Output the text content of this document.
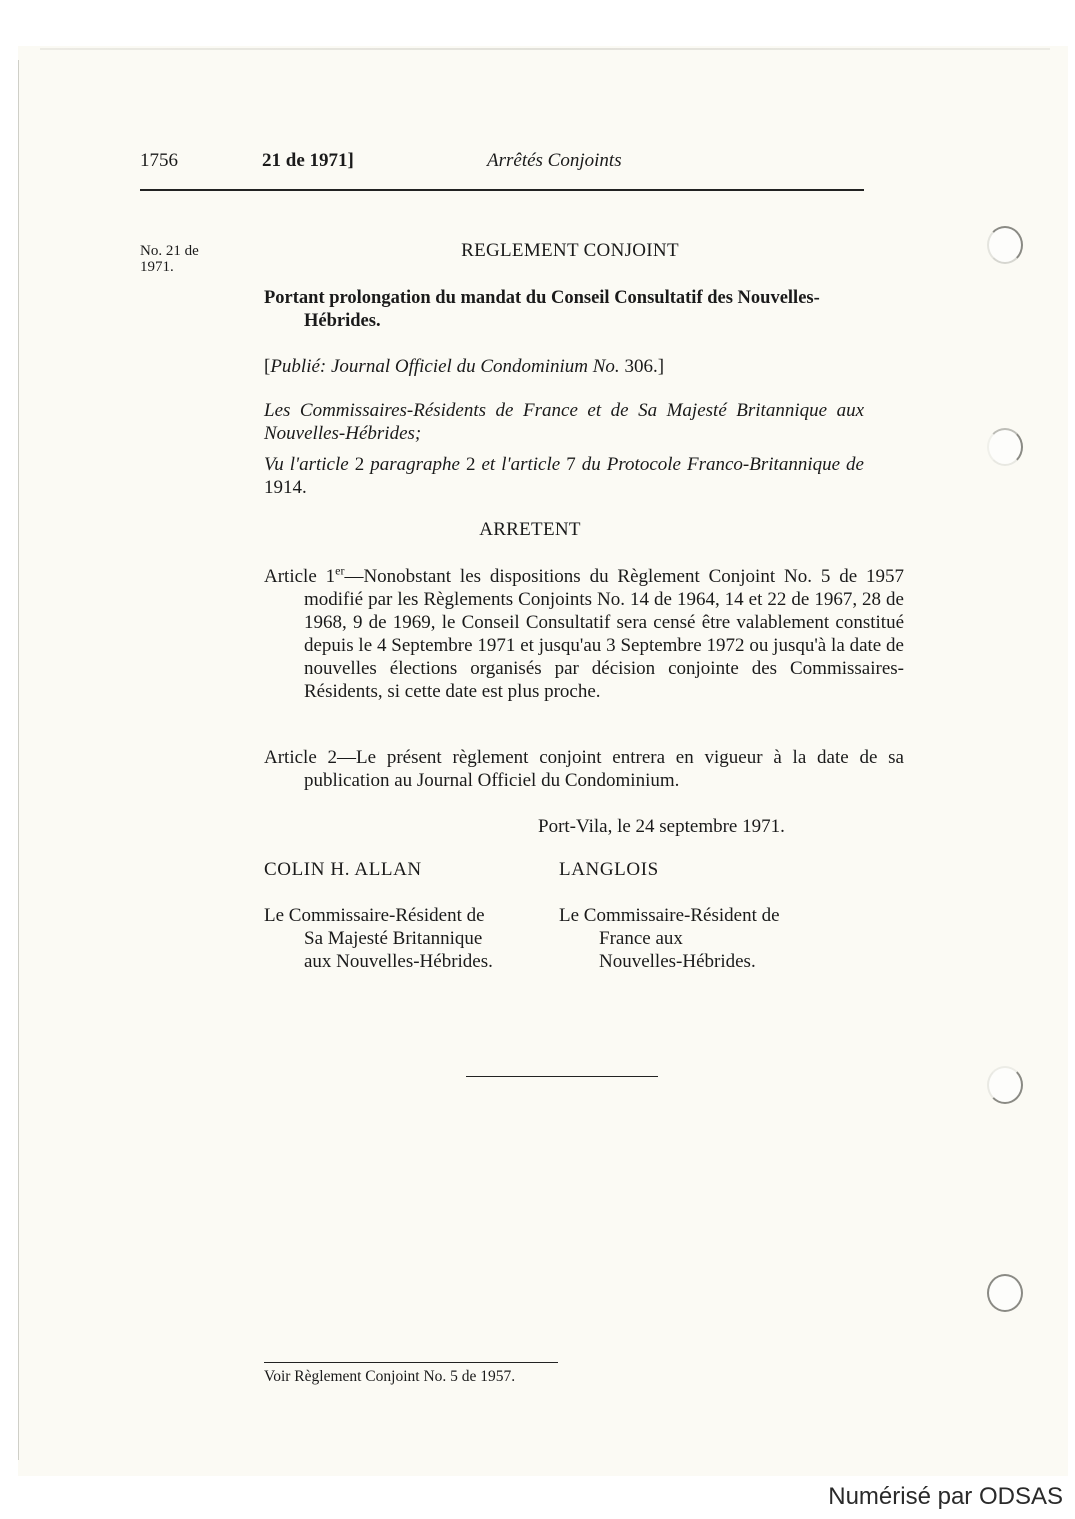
1756	21 de 1971]	Arrêtés Conjoints
No. 21 de
1971.
REGLEMENT CONJOINT
Portant prolongation du mandat du Conseil Consultatif des Nouvelles-
Hébrides.
[Publié: Journal Officiel du Condominium No. 306.]
Les Commissaires-Résidents de France et de Sa Majesté Britannique aux Nouvelles-Hébrides;
Vu l'article 2 paragraphe 2 et l'article 7 du Protocole Franco-Britannique de 1914.
ARRETENT
Article 1er—Nonobstant les dispositions du Règlement Conjoint No. 5 de 1957 modifié par les Règlements Conjoints No. 14 de 1964, 14 et 22 de 1967, 28 de 1968, 9 de 1969, le Conseil Consultatif sera censé être valablement constitué depuis le 4 Septembre 1971 et jusqu'au 3 Septembre 1972 ou jusqu'à la date de nouvelles élections organisés par décision conjointe des Commissaires-Résidents, si cette date est plus proche.
Article 2—Le présent règlement conjoint entrera en vigueur à la date de sa publication au Journal Officiel du Condominium.
Port-Vila, le 24 septembre 1971.
COLIN H. ALLAN	LANGLOIS
Le Commissaire-Résident de
Sa Majesté Britannique
aux Nouvelles-Hébrides.
Le Commissaire-Résident de
France aux
Nouvelles-Hébrides.
Voir Règlement Conjoint No. 5 de 1957.
Numérisé par ODSAS
